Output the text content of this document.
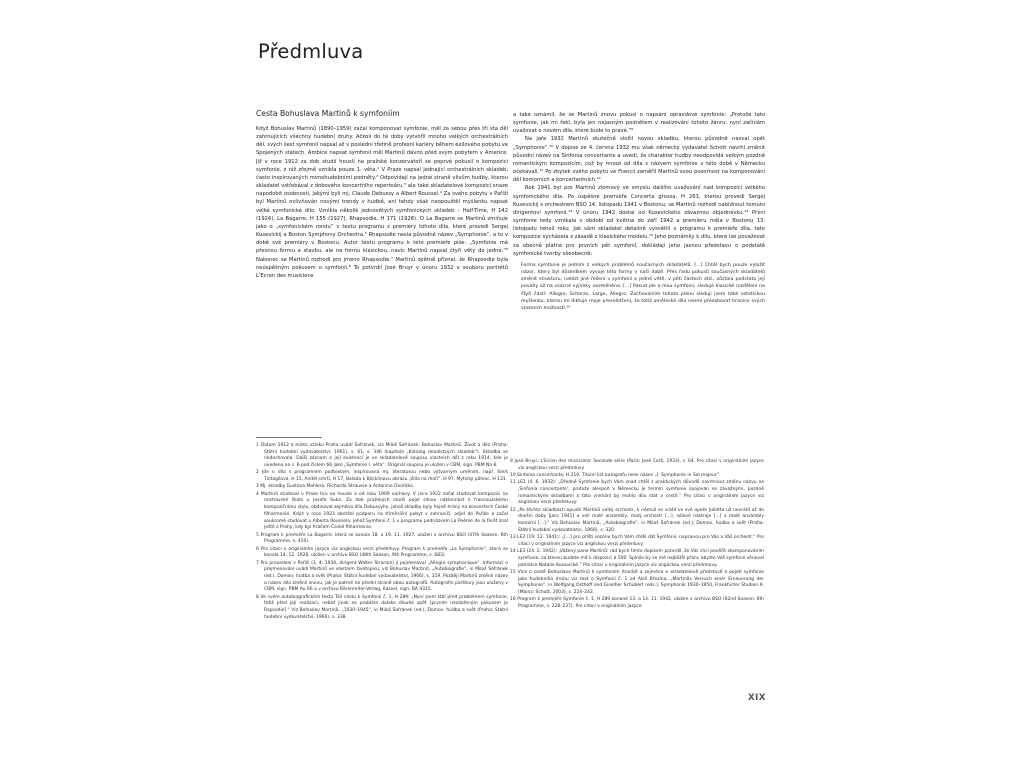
Předmluva
Cesta Bohuslava Martinů k symfoniím

Když Bohuslav Martinů (1890–1959) začal komponovat symfonie, měl za sebou přes tři sta děl zahrnujících všechny hudební druhy. Ačkoli do té doby vytvořil mnoho velkých orchestrálních děl, svých šest symfonií napsal až v poslední třetině profesní kariéry během exilového pobytu ve Spojených státech. Ambice napsat symfonii měl Martinů dávno před svým pobytem v Americe. Již v roce 1912 za dob studií houslí na pražské konzervatoři se poprvé pokusil o kompozici symfonie, z níž zřejmě vznikla pouze 1. věta.¹ V Praze napsal jednající orchestrálních skladeb, často inspirovaných mimohudebními podněty.² Odpovídají na jedné straně vlivům hudby, kterou skladatel vstřebával z dobového koncertního repertoáru,³ ale také skladatelové kompozicí snaze napodobit osobnosti, jakými byli mj. Claude Debussy a Albert Roussel.⁴ Za svého pobytu v Paříži byl Martinů ovlivňován novými trendy v hudbě, ani tehdy však neopouštěl myšlenku napsat velké symfonické dílo. Vznikla několik jednovětých symfonických skladeb – Half-Time, H 142 (1924), La Bagarre, H 155 (1927), Rhapsodie, H 171 (1928). O La Bagarre se Martinů zmiňuje jako o „symfonickém rondu“ v textu programu z premiéry tohoto díla, které provedl Sergej Kusevickij a Boston Symphony Orchestra.⁵ Rhapsodie nesla původně název „Symphonie“, a to v době své premiéry v Bostonu. Autor textu programu k této premiéře píše: „Symfonie má přesnou formu a stavbu, ale ne formu klasickou, navíc Martinů napsal čtyři věty do jedné.“⁶ Nakonec se Martinů rozhodl pro jméno Rhapsodie.⁷ Martinů zpětně přiznal, že Rhapsodie byla neúspěšným pokusem o symfonii.⁸ To potvrdil José Bruyr v únoru 1932 v souboru portrétů L'Ecran des musiciens

1 Datum 1912 a místo vzniku Praha uvádí Šafránek, viz Miloš Šafránek, Bohuslav Martinů. Život a dílo (Praha: Státní hudební vydavatelství, 1961), s. 61, s. 346 (kapitola „Katalog mladistvých skladeb“). Skladba se nedochovala. Další záznam o její existenci je ve skladatelově soupisu vlastních děl z roku 1914, kde je uvedena na s. 6 pod číslem 66 jako „Symfonie I. věta“. Originál soupisu je uložen v CBM, sign. PBM Na 8.

2 Jde o díla s programním podtextem, inspirovaná mj. literaturou nebo výtvarným uměním, např. Smrt Tintagilova, H 15, Anděl smrti, H 17, Balada k Böcklinovu obrazu „Villa na moři“, H 97, Mýtický půlnoc, H 131.

3 Mj. skladby Gustava Mahlera, Richarda Strausse a Antonína Dvořáka.

4 Martinů studoval v Praze hru na housle a od roku 1909 varhany. V roce 1922 začal studovat kompozici na mistrovské škole u Josefa Suka. Za dob pražských studií pojal silnou náklonnost k francouzskému kompozičnímu stylu, obdivoval zejména díla Debussyho, jehož skladby byly hojně hrány na koncertech České filharmonie. Když v roce 1923 obdržel podporu na třiměsíční pobyt v zahraničí, odjel do Paříže a začal soukromě studovat u Alberta Roussela, jehož Symfonii č. 1 v programu podnázvem La Poème de la forêt znal ještě z Prahy, kdy byl hráčem České filharmonie.

5 Program k premiéře La Bagarre, která se konala 18. a 19. 11. 1927, uložen v archivu BSO (47th Season, 6th Programme, s. 416).

6 Pro citaci v originálním jazyce viz anglickou verzi předmluvy. Program k premiéře „La Symphonie“, která se konala 14. 12. 1928, uložen v archivu BSO (48th Season, 9th Programme, s. 683).

7 Pro provedení v Paříži (3. 4. 1930, dirigent Walter Straram) ji pojmenoval „Allegro symphonique“. Informaci o přejmenování uvádí Martinů ve vlastním životopisu, viz Bohuslav Martinů, „Autobiografie“, in Miloš Šafránek (ed.), Domov, hudba a svět (Praha: Státní hudební vydavatelství, 1966), s. 319. Později Martinů změnil název a název díla změnil znovu, jak je patrné na přední straně obou autografů. Autografní partitury jsou uloženy v CBM, sign. PBM Au 66 a v archivu Bärenreiter-Verlag, Kassel, sign. BA 4315.

8 Ve svém autobiografickém textu Tóil cestu k Symfonii č. 1, H 289: „Nyní jsem stál před problémem symfonie, totiž před její realizací, neboť jinak se problém daleko dlouho zpět [prvním nezdařeným pokusem je Rapsodie].“ Viz Bohuslav Martinů, „1930–1945“, in Miloš Šafránek (ed.), Domov, hudba a svět (Praha: Státní hudební vydavatelství, 1966), s. 338.

a také oznámil, že se Martinů znovu pokusí o napsání opravdové symfonie: „Protože tato symfonie, jak mi řekl, byla jen nejasným podnětem v realizování tohoto žánru: nyní začínám uvažovat o novém díle, které bude to pravé.“⁹

Na jaře 1932 Martinů skutečně složil novou skladbu, kterou původně nazval opět „Symphonie“.¹⁰ V dopise ze 4. června 1932 mu však německý vydavatel Schott navrhl změnit původní název na Sinfonia concertante a uvedl, že charakter hudby neodpovídá velkým pozdně romantickým kompozicím, což by mnozí od díla s názvem symfonie v této době v Německu očekávali.¹¹ Po zbytek svého pobytu ve Francii zaměřil Martinů svou pozornost na komponování děl komorních a koncertantních.¹²

Rok 1941 byl pro Martinů zlomový ve smyslu dalšího uvažování nad kompozicí velkého symfonického díla. Po úspěšné premiéře Concerta grossa, H 263, kterou provedl Sergej Kusevickij s orchestrem BSO 14. listopadu 1941 v Bostonu, se Martinů rozhodl nabídnout tomuto dirigentovi symfonii.¹³ V únoru 1942 dostal od Kusevického závaznou objednávku.¹⁴ První symfonie tedy vznikala v období od května do září 1942 a premiéru měla v Bostonu 13. listopadu téhož roku. Jak sám skladatel detailně vysvětlil v programu k premiéře díla, tato kompozice vycházela z zásadě z klasického modelu.¹⁵ Jeho poznámky k dílu, které lze považovat za obecně platné pro prvních pět symfonií, dokládají jeho jasnou představu o podstatě symfonické tvorby všeobecně:

Forma symfonie je jedním z velkých problémů současných skladatelů. [...] Chtěl bych pouze vyložit názor, který byl důsledkem vývoje této formy v naší době. Přes řadu pokusů současných skladatelů změnit strukturu, nalézt jiné řešení v symfonii o jedné větě, v pěti částech atd., zůstala podstata její povahy až na vzácné výjimky nezměněna. [...] Pokud jde o mou symfonii, sleduje klasické rozdělení na čtyři části: Allegro, Scherzo, Largo, Allegro. Zachovalním tohoto plánu sleduji jsem také estetickou myšlenku, kterou mi diktuje moje přesvědčení, že totiž umělecké dílo nesmí přesahovat hranice svých vlastních možností.¹⁶

9 José Bruyr, L'Ecran des musiciens: Seconde série (Paris: José Corti, 1933), s. 64. Pro citaci v originálním jazyce viz anglickou verzi předmluvy.

10 Sinfonia concertante, H 219. Titulní list autografu nese název „I. Symphonie in Sol majeur“.

11 LE1 (4. 6. 1932): „Dředně Symfonie bych Vám snad chtěl z praktických důvodů navrhnout změnu názvu na ‚Sinfonia concertante‘, protože alespoň v Německu je termín symfonie spojován se závažnými, pozdně romantickými skladbami a tato vnímání by mohlo dílu stát v cestě.“ Pro citaci v originálním jazyce viz anglickou verzi předmluvy.

12 „Po těchto skladbách opustil Martinů velký orchestr, k němuž se vrátil ve své opeře Julietta už nevrátil až do dnešní doby [jaro 1941] a volí malé ansámbly, malý orchestr [...], sólové nástroje [...] a malé ansámbly komorní [...].“ Viz Bohuslav Martinů, „Autobiografie“, in Miloš Šafránek (ed.), Domov, hudba a svět (Praha: Státní hudební vydavatelství, 1966), s. 320.

13 LE2 (19. 12. 1941): „[...] pro příští sezónu bych Vám chtěl dát Symfonii, napsanou pro Vás a Váš orchestr.“ Pro citaci v originálním jazyce viz anglickou verzi předmluvy.

14 LE3 (24. 2. 1942): „Vážený pane Martinů: rád bych tímto dopisem potvrdil, že Vás chci pověřit zkomponováním symfonie, za kterou budete mít k dispozici $ 500. Splnilo by se mé nejbližší přání, abyste Váš symfonii věnoval památce Natalie Kusevické.“ Pro citaci v originálním jazyce viz anglickou verzi předmluvy.

15 Více o cestě Bohuslava Martinů k symfoniím (tvorbě a zejména o skladatelově představě a pojetí symfonie jako hudebního druhu viz text o Symfonii č. 1 od Aleš Březina, „Martinůs Versuch einer Erneuerung der Symphonie“, in Wolfgang Osthoff and Giselher Schubert (eds.), Symphonik 1930–1950, Frankfurter Studien 9, (Mainz: Schott, 2003), s. 224–242.

16 Program k premiéře Symfonie č. 1, H 289 konané 13. a 14. 11. 1942, uložen v archivu BSO (62nd Season, 6th Programme, s. 228–237). Pro citaci v originálním jazyce

XIX
